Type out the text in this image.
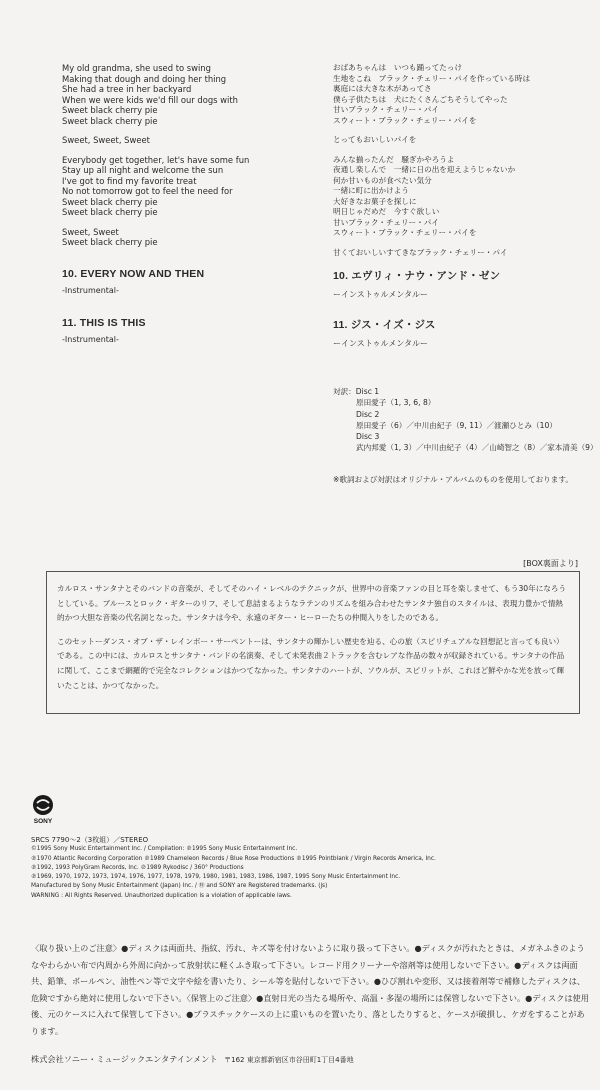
My old grandma, she used to swing

Making that dough and doing her thing

She had a tree in her backyard

When we were kids we'd fill our dogs with

Sweet black cherry pie

Sweet black cherry pie

Sweet, Sweet, Sweet

Everybody get together, let's have some fun

Stay up all night and welcome the sun

I've got to find my favorite treat

No not tomorrow got to feel the need for

Sweet black cherry pie

Sweet black cherry pie

Sweet, Sweet

Sweet black cherry pie

おばあちゃんは　いつも踊ってたっけ

生地をこね　ブラック・チェリー・パイを作っている時は

裏庭には大きな木があってさ

僕ら子供たちは　犬にたくさんごちそうしてやった

甘いブラック・チェリー・パイ

スウィート・ブラック・チェリー・パイを

とってもおいしいパイを

みんな揃ったんだ　騒ぎかやろうよ

夜通し楽しんで　一緒に日の出を迎えようじゃないか

何か甘いものが食べたい気分

一緒に町に出かけよう

大好きなお菓子を探しに

明日じゃだめだ　今すぐ欲しい

甘いブラック・チェリー・パイ

スウィート・ブラック・チェリー・パイを

甘くておいしいすてきなブラック・チェリー・パイ

10. EVERY NOW AND THEN

-Instrumental-

11. THIS IS THIS

-Instrumental-

10. エヴリィ・ナウ・アンド・ゼン

ーインストゥルメンタルー

11. ジス・イズ・ジス

ーインストゥルメンタルー

対訳：Disc 1
原田愛子（1, 3, 6, 8）
Disc 2
原田愛子（6）／中川由紀子（9, 11）／渡瀬ひとみ（10）
Disc 3
武内邦愛（1, 3）／中川由紀子（4）／山崎智之（8）／家本清美（9）
※歌詞および対訳はオリジナル・アルバムのものを使用しております。
[BOX裏面より]

カルロス・サンタナとそのバンドの音楽が、そしてそのハイ・レベルのテクニックが、世界中の音楽ファンの目と耳を楽しませて、もう30年になろうとしている。ブルースとロック・ギターのリフ、そして息詰まるようなラテンのリズムを組み合わせたサンタナ独自のスタイルは、表現力豊かで情熱的かつ大胆な音楽の代名詞となった。サンタナは今や、永遠のギター・ヒーローたちの仲間入りをしたのである。

このセットーダンス・オブ・ザ・レインボー・サーペントーは、サンタナの輝かしい歴史を辿る、心の旅（スピリチュアルな回想記と言っても良い）である。この中には、カルロスとサンタナ・バンドの名演奏、そして未発表曲２トラックを含むレアな作品の数々が収録されている。サンタナの作品に関して、ここまで網羅的で完全なコレクションはかつてなかった。サンタナのハートが、ソウルが、スピリットが、これほど鮮やかな光を放って輝いたことは、かつてなかった。

SONY
SRCS 7790〜2（3枚組）／STEREO
©1995 Sony Music Entertainment Inc. / Compilation: ℗1995 Sony Music Entertainment Inc.
℗1970 Atlantic Recording Corporation ℗1989 Chameleon Records / Blue Rose Productions ℗1995 Pointblank / Virgin Records America, Inc.
℗1992, 1993 PolyGram Records, Inc. ℗1989 Rykodisc / 360° Productions
℗1969, 1970, 1972, 1973, 1974, 1976, 1977, 1978, 1979, 1980, 1981, 1983, 1986, 1987, 1995 Sony Music Entertainment Inc.
Manufactured by Sony Music Entertainment (Japan) Inc. / ㊕ and SONY are Registered trademarks. (js)
WARNING : All Rights Reserved. Unauthorized duplication is a violation of applicable laws.
〈取り扱い上のご注意〉●ディスクは両面共、指紋、汚れ、キズ等を付けないように取り扱って下さい。●ディスクが汚れたときは、メガネふきのようなやわらかい布で内周から外周に向かって放射状に軽くふき取って下さい。レコード用クリーナーや溶剤等は使用しないで下さい。●ディスクは両面共、鉛筆、ボールペン、油性ペン等で文字や絵を書いたり、シール等を貼付しないで下さい。●ひび割れや変形、又は接着剤等で補修したディスクは、危険ですから絶対に使用しないで下さい。〈保管上のご注意〉●直射日光の当たる場所や、高温・多湿の場所には保管しないで下さい。●ディスクは使用後、元のケースに入れて保管して下さい。●プラスチックケースの上に重いものを置いたり、落としたりすると、ケースが破損し、ケガをすることがあります。
株式会社ソニー・ミュージックエンタテインメント 〒162 東京都新宿区市谷田町1丁目4番地
